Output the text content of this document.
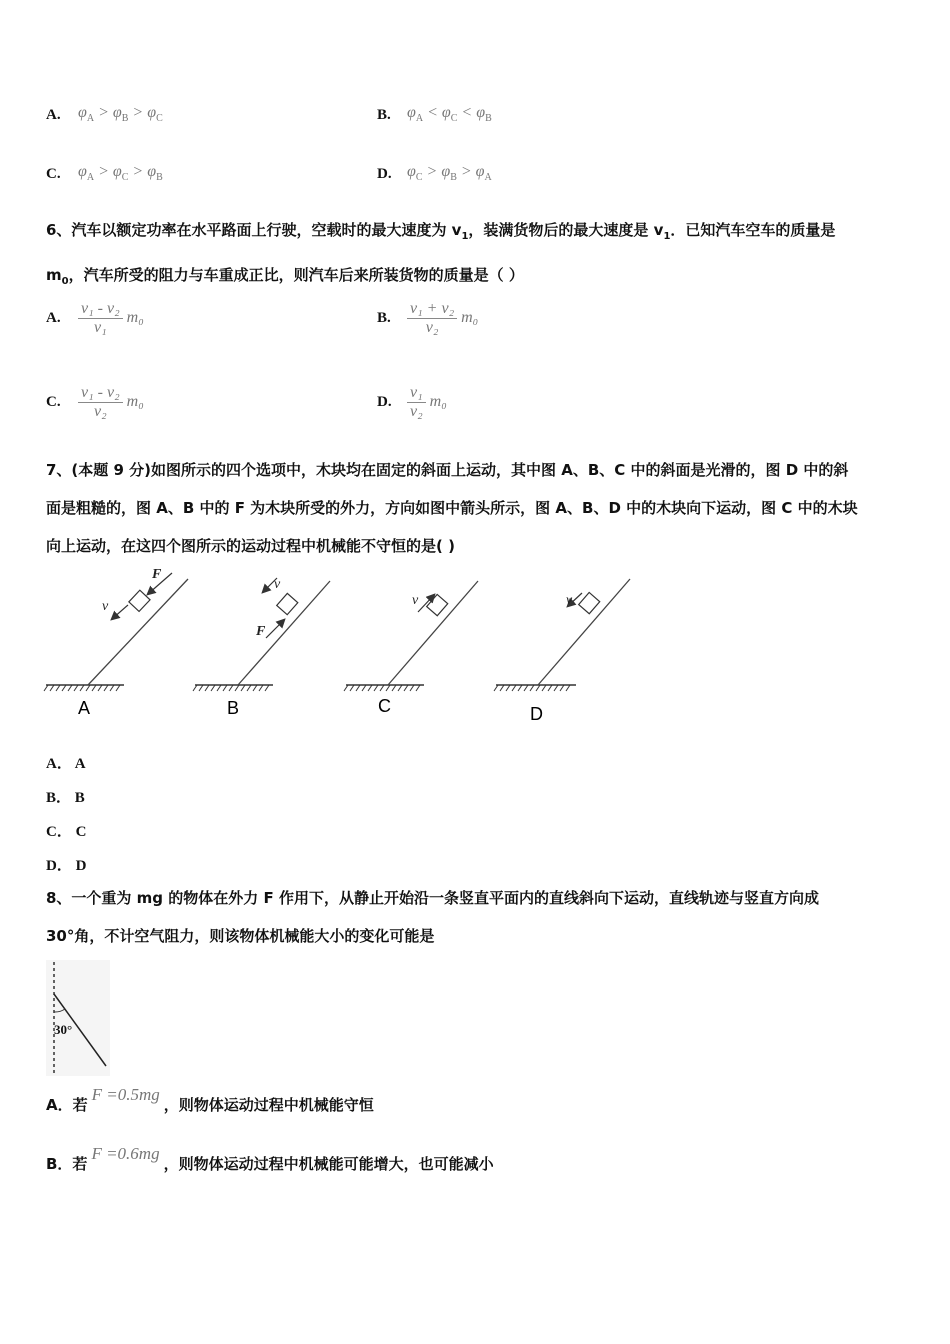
A. $\varphi_A > \varphi_B > \varphi_C$	B. $\varphi_A < \varphi_C < \varphi_B$
C. $\varphi_A > \varphi_C > \varphi_B$	D. $\varphi_C > \varphi_B > \varphi_A$
6、汽车以额定功率在水平路面上行驶，空载时的最大速度为 $v_1$，装满货物后的最大速度是 $v_1$．已知汽车空车的质量是
$m_0$，汽车所受的阻力与车重成正比，则汽车后来所装货物的质量是（ ）
A.	$\frac{\text{v₁ - v₂}}{\text{v₁}} m_0$	B.	$\frac{\text{v₁ + v₂}}{\text{v₂}} m_0$
C.	$\frac{\text{v₁ - v₂}}{\text{v₂}} m_0$	D. $\frac{\text{v₁}}{\text{v₂}} m_0$
7、(本题 9 分)如图所示的四个选项中，木块均在固定的斜面上运动，其中图 A、B、C 中的斜面是光滑的，图 D 中的斜
面是粗糙的，图 A、B 中的 F 为木块所受的外力，方向如图中箭头所示，图 A、B、D 中的木块向下运动，图 C 中的木块
向上运动，在这四个图所示的运动过程中机械能不守恒的是( )
F
v
A
v
F
B
v
C
v
D
A． A
B． B
C． C
D． D
8、一个重为 mg 的物体在外力 F 作用下，从静止开始沿一条竖直平面内的直线斜向下运动，直线轨迹与竖直方向成
30°角，不计空气阻力，则该物体机械能大小的变化可能是
30°
A．若
F =0.5mg
，则物体运动过程中机械能守恒
B．若
F =0.6mg
，则物体运动过程中机械能可能增大，也可能减小
